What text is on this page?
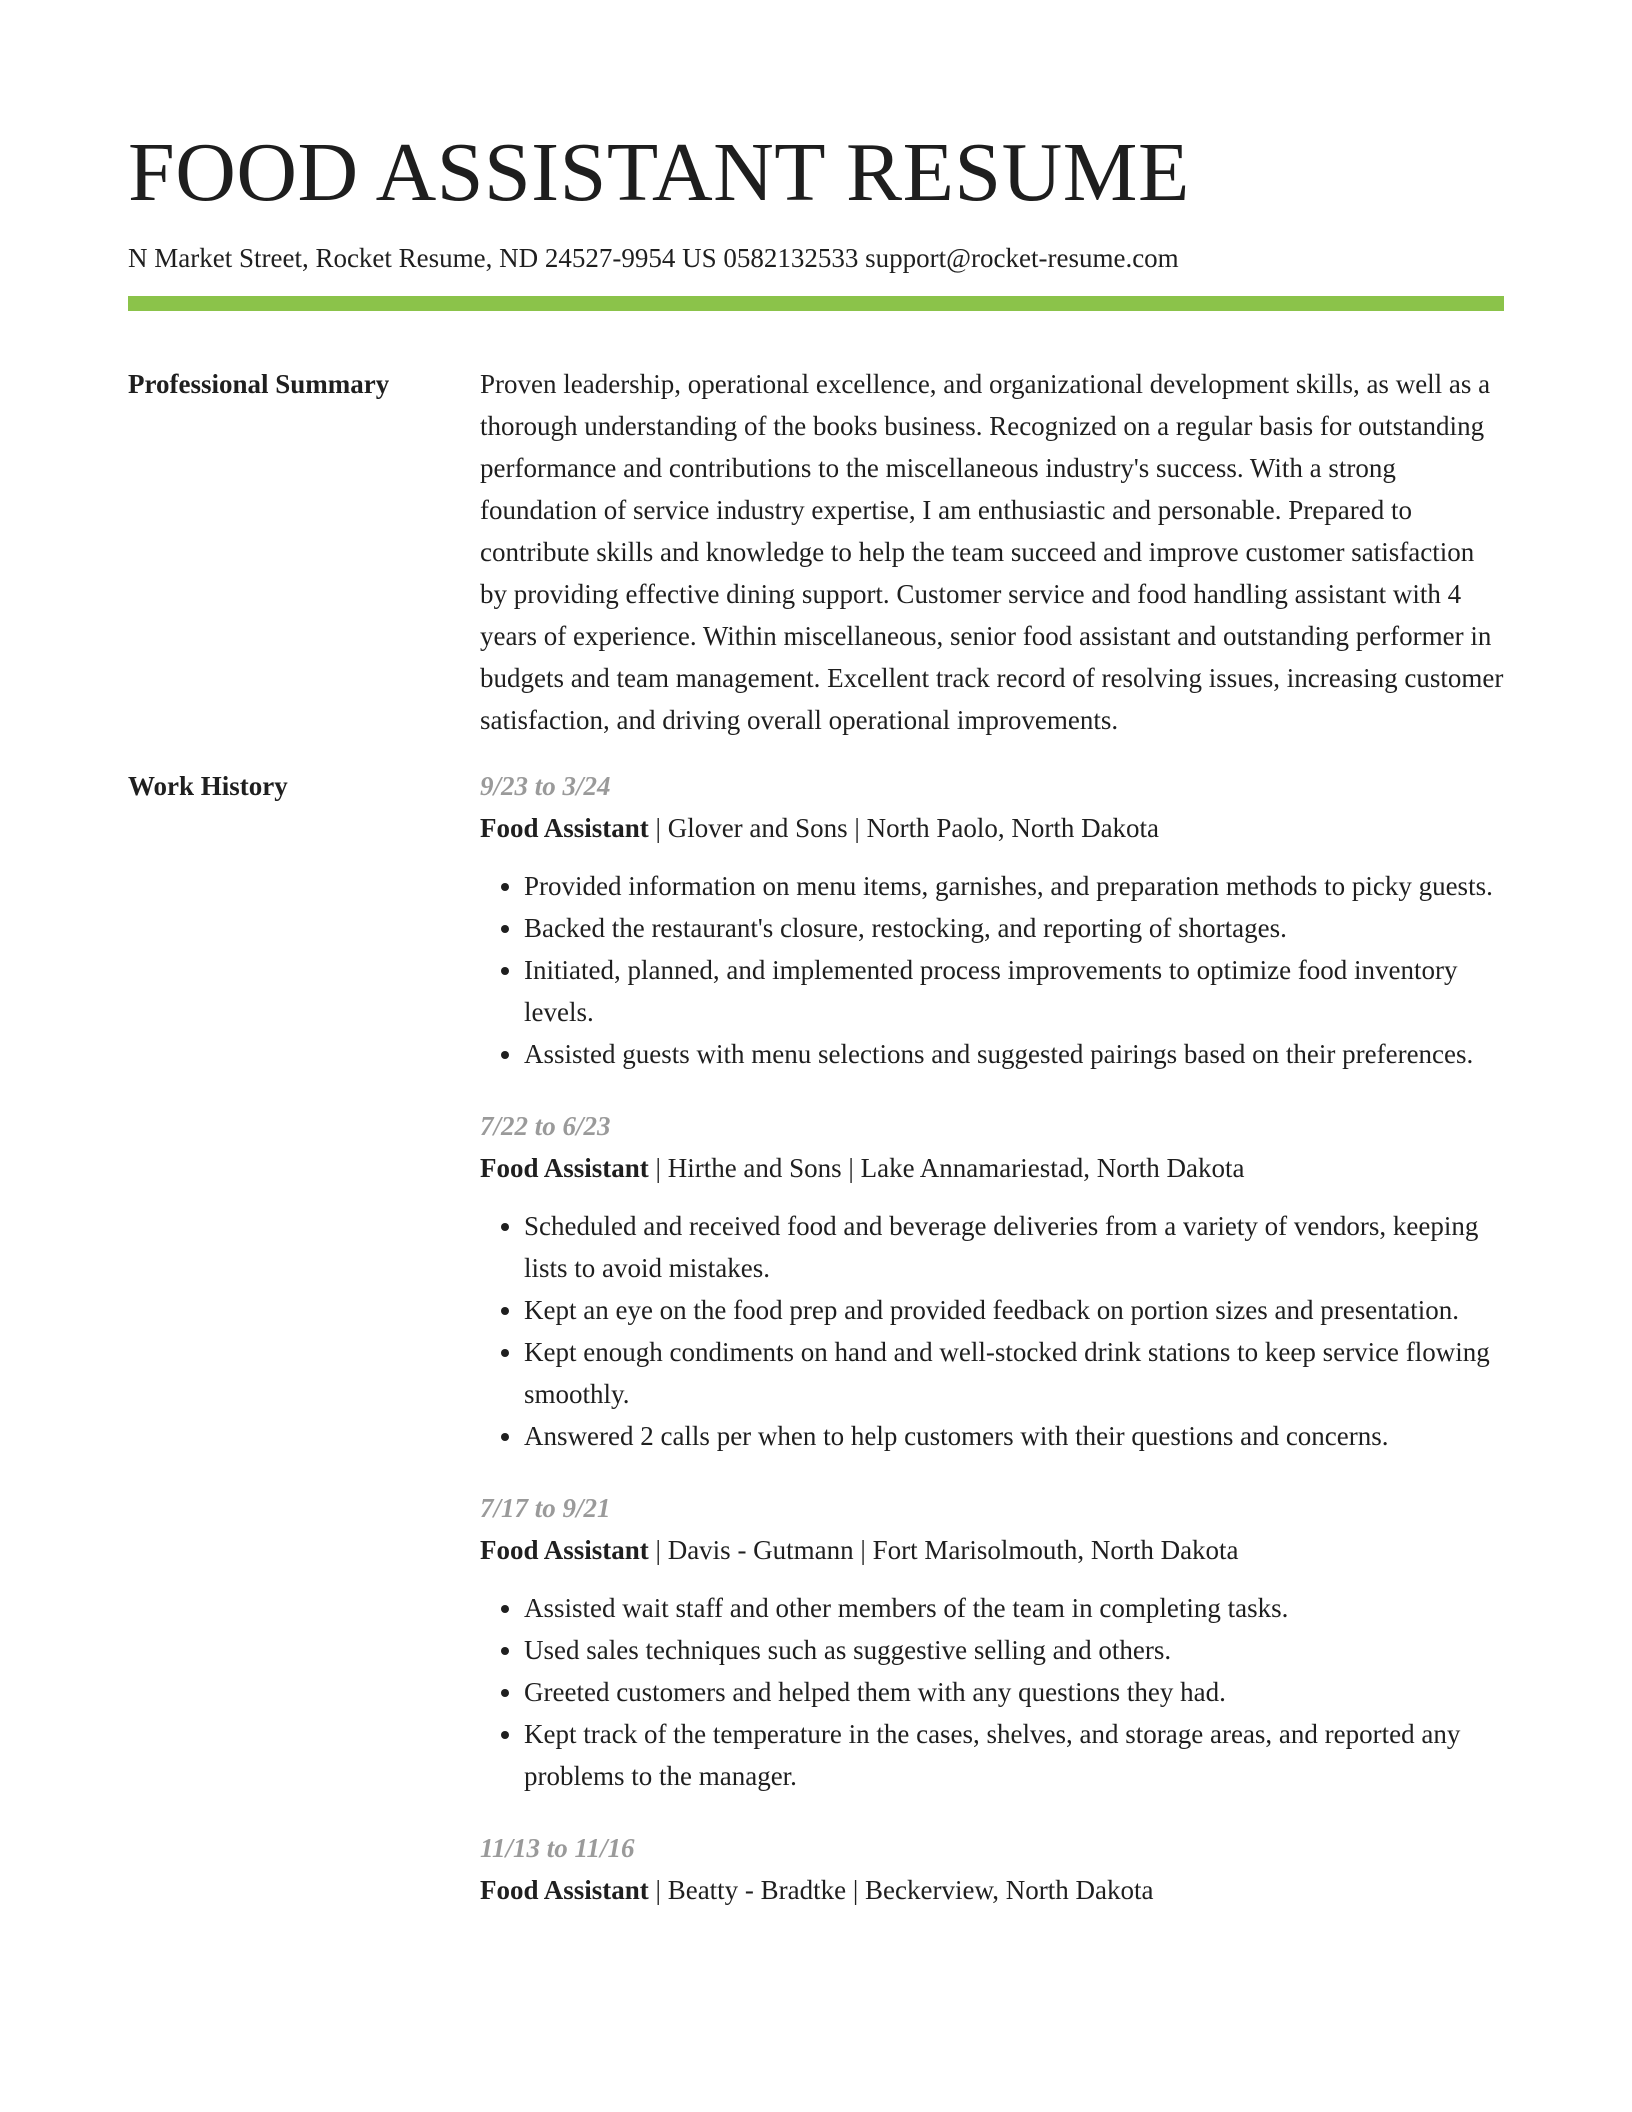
FOOD ASSISTANT RESUME
N Market Street, Rocket Resume, ND 24527-9954 US 0582132533 support@rocket-resume.com
Professional Summary	Proven leadership, operational excellence, and organizational development skills, as well as a thorough understanding of the books business. Recognized on a regular basis for outstanding performance and contributions to the miscellaneous industry's success. With a strong foundation of service industry expertise, I am enthusiastic and personable. Prepared to contribute skills and knowledge to help the team succeed and improve customer satisfaction by providing effective dining support. Customer service and food handling assistant with 4 years of experience. Within miscellaneous, senior food assistant and outstanding performer in budgets and team management. Excellent track record of resolving issues, increasing customer satisfaction, and driving overall operational improvements.

Work History	9/23 to 3/24
Food Assistant | Glover and Sons | North Paolo, North Dakota
• Provided information on menu items, garnishes, and preparation methods to picky guests.
• Backed the restaurant's closure, restocking, and reporting of shortages.
• Initiated, planned, and implemented process improvements to optimize food inventory levels.
• Assisted guests with menu selections and suggested pairings based on their preferences.
7/22 to 6/23
Food Assistant | Hirthe and Sons | Lake Annamariestad, North Dakota
• Scheduled and received food and beverage deliveries from a variety of vendors, keeping lists to avoid mistakes.
• Kept an eye on the food prep and provided feedback on portion sizes and presentation.
• Kept enough condiments on hand and well-stocked drink stations to keep service flowing smoothly.
• Answered 2 calls per when to help customers with their questions and concerns.
7/17 to 9/21
Food Assistant | Davis - Gutmann | Fort Marisolmouth, North Dakota
• Assisted wait staff and other members of the team in completing tasks.
• Used sales techniques such as suggestive selling and others.
• Greeted customers and helped them with any questions they had.
• Kept track of the temperature in the cases, shelves, and storage areas, and reported any problems to the manager.
11/13 to 11/16
Food Assistant | Beatty - Bradtke | Beckerview, North Dakota
